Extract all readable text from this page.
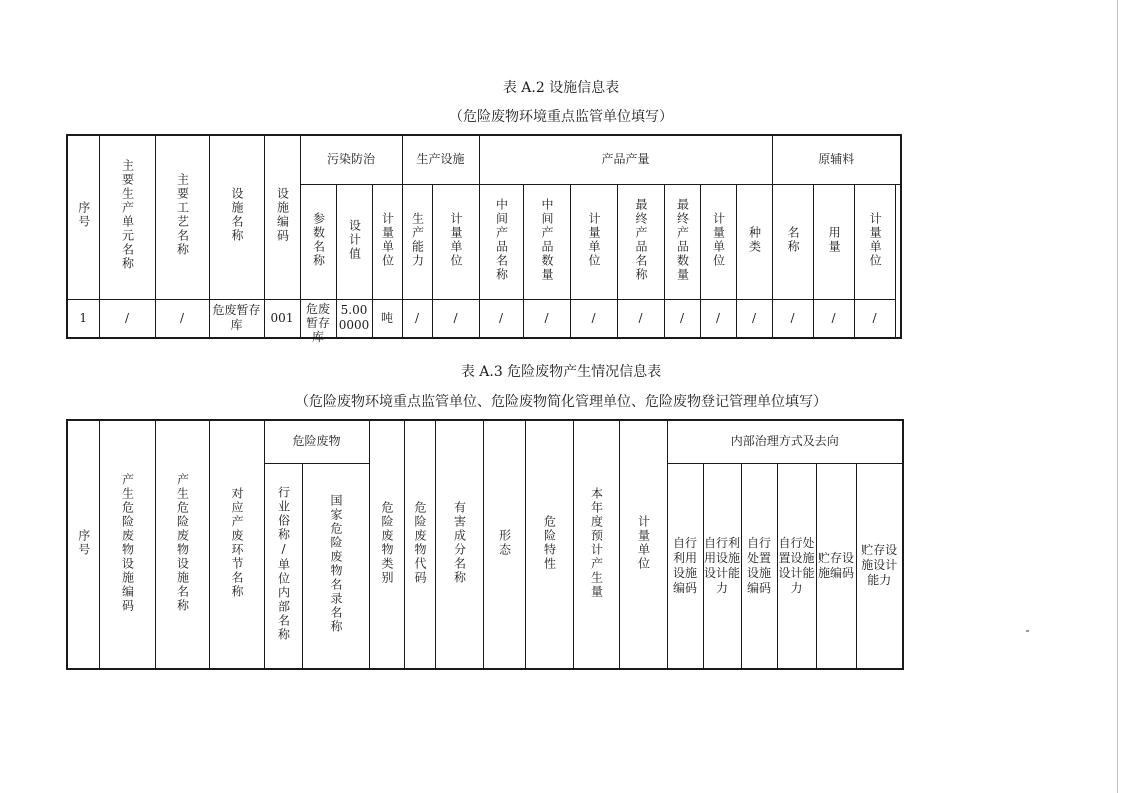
表 A.2 设施信息表
（危险废物环境重点监管单位填写）
序号	主要生产单元名称	主要工艺名称	设施名称	设施编码	污染防治			生产设施		产品产量							原辅料		
					参数名称	设计值	计量单位	生产能力	计量单位	中间产品名称	中间产品数量	计量单位	最终产品名称	最终产品数量	计量单位	种类	名称	用量	计量单位
1	/	/	危废暂存库	001	危废暂存库	5.000000	吨	/	/	/	/	/	/	/	/	/	/	/	/
表 A.3 危险废物产生情况信息表
（危险废物环境重点监管单位、危险废物简化管理单位、危险废物登记管理单位填写）
序号	产生危险废物设施编码	产生危险废物设施名称	对应产废环节名称	危险废物		危险废物类别	危险废物代码	有害成分名称	形态	危险特性	本年度预计产生量	计量单位	内部治理方式及去向					
				行业俗称/单位内部名称	国家危险废物名录名称								自行利用设施编码	自行利用设施设计能力	自行处置设施编码	自行处置设施设计能力	贮存设施编码	贮存设施设计能力
